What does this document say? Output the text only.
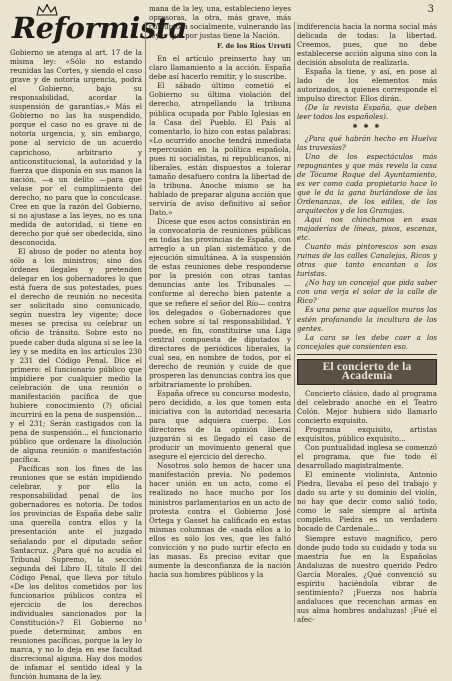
Reformista
3

Gobierno se atenga al art. 17 de la misma ley: «Sólo no estando reunidas las Cortes, y siendo el caso grave y de notoria urgencia, podrá el Gobierno, bajo su responsabilidad, acordar la suspensión de garantías.» Más el Gobierno no las ha suspendido, porque el caso no es grave ni de notoria urgencia, y, sin embargo, pone al servicio de un acuerdo caprichoso, arbitrario y anticonstitucional, la autoridad y la fuerza que disponía en sus manos la nación, —a un delito —para que velase por el cumplimiento del derecho, no para que lo conculcase. Cree en que la razón del Gobierno, si no ajustase a las leyes, no es una medida de autoridad, si tiene en derecho por qué ser obedecida, sino desconocida.

El abuso de poder no atenta hoy sólo a los ministros; sino dos órdenes ilegales y pretenden delegar en los gobernadores lo que está fuera de sus potestades, pues el derecho de reunión no necesita ser solicitado sino comunicado, según nuestra ley vigente; doce meses se precisa su celebrar un oficio de tránsito. Sobre esto no puede caber duda alguna si se lee la ley y se medita en los artículos 230 y 231 del Código Penal. Dice el primero: el funcionario público que impidiere por cualquier medio la celebración de una reunión o manifestación pacífica de que hubiere conocimiento (?) oficial incurrirá en la pena de suspensión... y el 231; Serán castigados con la pena de suspensión... el funcionario público que ordenare la disolución de alguna reunión o manifestación pacífica.

Pacíficas son los fines de las reuniones que se están impidiendo celebrar, y por ello la responsabilidad penal de los gobernadores es notoria. De todos los provincias de España debe salir una querella contra ellos y la presentación ante el juzgado señalando por el diputado señor Santacruz. ¿Para qué no acudía el Tribunal Supremo, la sección segunda del Libro II, título II del Código Penal, que lleva por título «De los delitos cometidos por los funcionarios públicos contra el ejercicio de los derechos individuales sancionados por la Constitución»? El Gobierno no puede determinar, ambos en reuniones pacíficas, porque la ley lo marca, y no lo deja en ese facultad discrecional alguna. Hay dos modos de infamar el sentido ideal y la función humana de la ley.

mana de la ley, una, establecieno leyes opresoras, la otra, más grave, más corruptora socialmente, vulnerando las leyes que por justas tiene la Nación.

F. de los Ríos Urruti

En el artículo preinserto hay un claro llamamiento a la acción. España debe así hacerlo remitir, y lo suscribe.

El sábado último cometió el Gobierno su última violación del derecho, atropellando la tribuna pública ocupada por Pablo Iglesias en la Casa del Pueblo. El País al comentarlo, lo hizo con estas palabras: «Lo ocurrido anoche tendrá inmediata repercusión en la política española, pues ni socialistas, ni republicanos, ni liberales, están dispuestos a tolerar tamaño desafuero contra la libertad de la tribuna. Anoche mismo se ha hablado de preparar alguna acción que serviría de aviso definitivo al señor Dato.»

Dícese que esos actos consistirán en la convocatoria de reuniones públicas en todas las provincias de España, con arreglo a un plan sistemático y de ejecución simultánea. A la suspensión de estas reuniones debe responderse por la presión con otras tantas denuncias ante los Tribunales —conforme al derecho bien patente a que se refiere el señor del Río— contra los delegados o Gobernadores que echen sobre sí tal responsabilidad. Y puede, en fin, constituirse una Liga central compuesta de diputados y directores de periódicos liberales, la cual sea, en nombre de todos, por el derecho de reunión y cuide de que prosperen las denuncias contra los que arbitrariamente lo prohíben.

España ofrece su concurso modesto, pero decidido, a los que tomen esta iniciativa con la autoridad necesaria para que adquiera cuerpo. Los directores de la opinión liberal juzgarán si es llegado el caso de producir un movimiento general que asegure el ejercicio del derecho.

Nosotros solo hemos de hacer una manifestación previa. No podemos hacer unión en un acto, como el realizado no hace mucho por los ministros parlamentarios en un acto de protesta contra el Gobierno José Ortega y Gasset ha calificado en estas mismas columnas de «nada ellos a lo ellos es sólo los ves, que les faltó convicción y no pudo surtir efecto en las masas. Es preciso evitar que aumente la desconfianza de la nación hacia sus hombres públicos y la

indiferencia hacia la norma social más delicada de todas: la libertad. Creemos, pues, que no debe establecerse acción alguna sino con la decisión absoluta de realizarla.

España la tiene, y así, en pose al lado de los elementos más autorizados, a quienes corresponde el impulso director. Ellos dirán.

(De la revista España, que deben leer todos los españoles).

✱ ✱ ✱

¿Para qué habrán hecho en Huelva las travesías?

Uno de los espectáculos más repugnantes y que más revela la casa de Tócame Roque del Ayuntamiento, es ver como cada propietario hace lo que le da la gana burlándose de las Ordenanzas, de los ediles, de los arquitectos y de los Granujas.

Aquí nos chinchamos en esas majaderías de líneas, pisos, escenas, etc.

Cuanto más pintorescos son esas ruinas de las calles Canalejas, Ricos y otras que tanto encantan a los turistas.

¿No hay un concejal que pida saber con una verja el solar de la calle de Rico?

Es una pena que aquellos muros los estén profanando la incultura de los gentes.

La cara se les debe caer a los concejales que consienten eso.

El concierto de la Academia

Concierto clásico, dado al programa del celebrado anoche en el Teatro Colón. Mejor hubiera sido llamarlo concierto exquisito.

Programa exquisito, artistas exquisitos, público exquisito...

Con puntualidad inglesa se comenzó el programa, que fue todo él desarrollado magistralmente.

El eminente violinista, Antonio Piedra, llevaba el peso del trabajo y dado su arte y su dominio del violín, no hay que decir como salió todo, como le sale siempre al artista completo. Piedra es un verdadero bocado de Cardenale...

Siempre estuvo magnífico, pero donde pudo todo su cuidado y toda su maestría fue en la Españolas Andaluzas de nuestro querido Pedro García Morales. ¿Qué convenció su espíritu haciéndola vibrar de sentimiento? ¡Fuerza nos habría andaluces que recenchan armas en sus alma hombres andaluzas! ¡Fué el afec-
